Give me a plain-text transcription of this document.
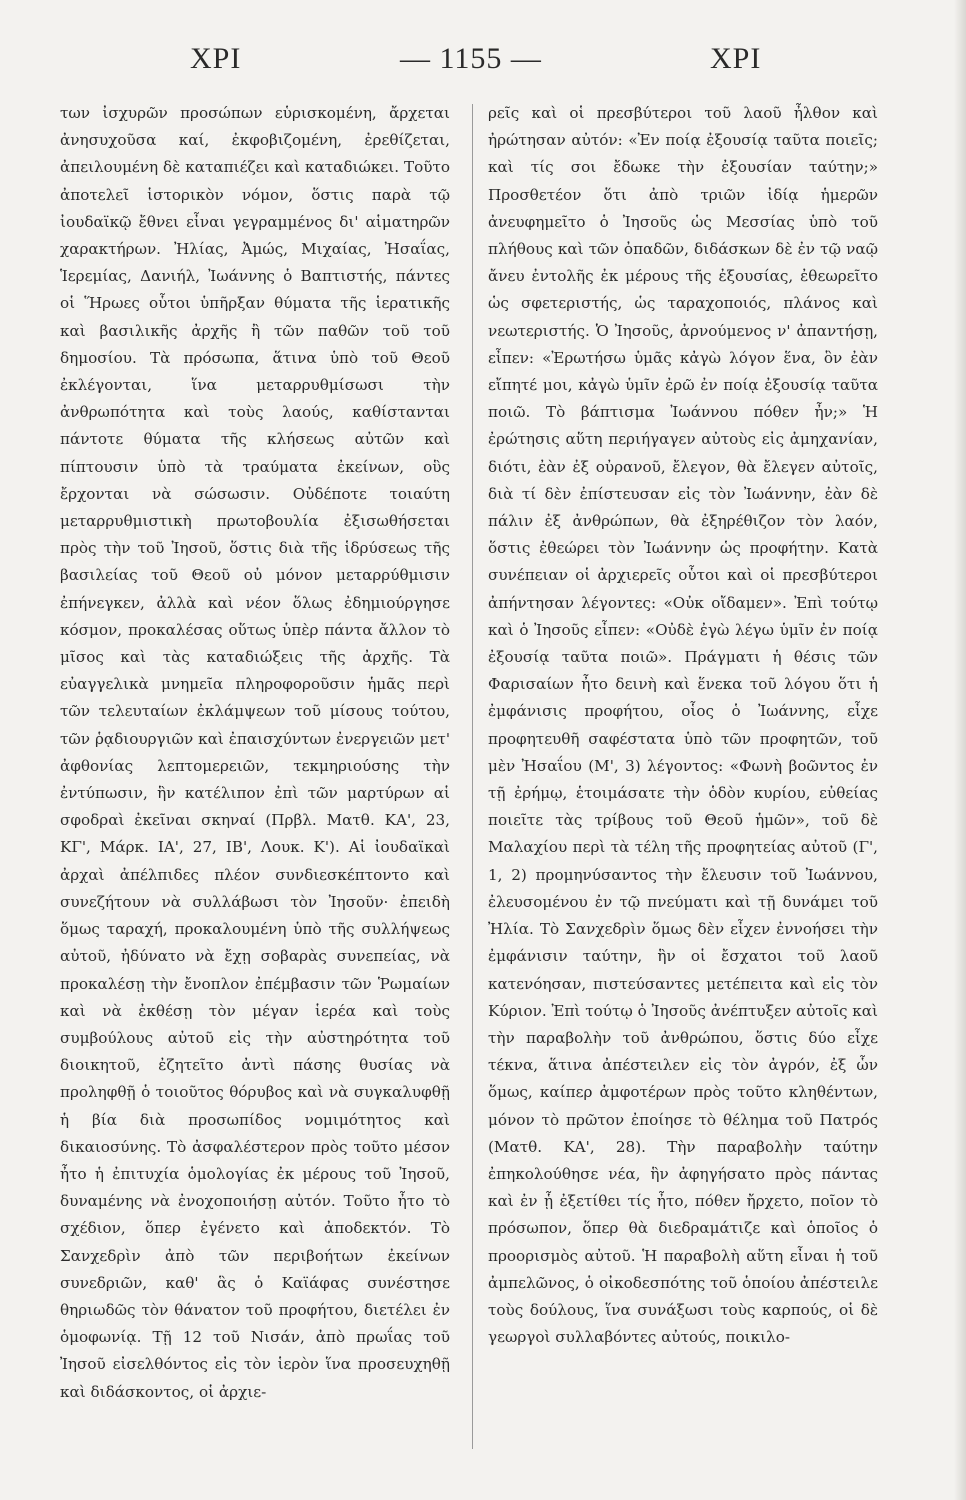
ΧΡΙ	— 1155 —	ΧΡΙ

των ἰσχυρῶν προσώπων εὑρισκομένη, ἄρχεται ἀνησυχοῦσα καί, ἐκφοβιζομένη, ἐρεθίζεται, ἀπειλουμένη δὲ καταπιέζει καὶ καταδιώκει. Τοῦτο ἀποτελεῖ ἱστορικὸν νόμον, ὅστις παρὰ τῷ ἰουδαϊκῷ ἔθνει εἶναι γεγραμμένος δι' αἱματηρῶν χαρακτήρων. Ἠλίας, Ἀμώς, Μιχαίας, Ἠσαΐας, Ἱερεμίας, Δανιήλ, Ἰωάννης ὁ Βαπτιστής, πάντες οἱ Ἥρωες οὗτοι ὑπῆρξαν θύματα τῆς ἱερατικῆς καὶ βασιλικῆς ἀρχῆς ἢ τῶν παθῶν τοῦ τοῦ δημοσίου. Τὰ πρόσωπα, ἅτινα ὑπὸ τοῦ Θεοῦ ἐκλέγονται, ἵνα μεταρρυθμίσωσι τὴν ἀνθρωπότητα καὶ τοὺς λαούς, καθίστανται πάντοτε θύματα τῆς κλήσεως αὐτῶν καὶ πίπτουσιν ὑπὸ τὰ τραύματα ἐκείνων, οὓς ἔρχονται νὰ σώσωσιν. Οὐδέποτε τοιαύτη μεταρρυθμιστικὴ πρωτοβουλία ἐξισωθήσεται πρὸς τὴν τοῦ Ἰησοῦ, ὅστις διὰ τῆς ἱδρύσεως τῆς βασιλείας τοῦ Θεοῦ οὐ μόνον μεταρρύθμισιν ἐπήνεγκεν, ἀλλὰ καὶ νέον ὅλως ἐδημιούργησε κόσμον, προκαλέσας οὕτως ὑπὲρ πάντα ἄλλον τὸ μῖσος καὶ τὰς καταδιώξεις τῆς ἀρχῆς. Τὰ εὐαγγελικὰ μνημεῖα πληροφοροῦσιν ἡμᾶς περὶ τῶν τελευταίων ἐκλάμψεων τοῦ μίσους τούτου, τῶν ῥᾳδιουργιῶν καὶ ἐπαισχύντων ἐνεργειῶν μετ' ἀφθονίας λεπτομερειῶν, τεκμηριούσης τὴν ἐντύπωσιν, ἣν κατέλιπον ἐπὶ τῶν μαρτύρων αἱ σφοδραὶ ἐκεῖναι σκηναί (Πρβλ. Ματθ. ΚΑ', 23, ΚΓ', Μάρκ. ΙΑ', 27, ΙΒ', Λουκ. Κ'). Αἱ ἰουδαϊκαὶ ἀρχαὶ ἀπέλπιδες πλέον συνδιεσκέπτοντο καὶ συνεζήτουν νὰ συλλάβωσι τὸν Ἰησοῦν· ἐπειδὴ ὅμως ταραχή, προκαλουμένη ὑπὸ τῆς συλλήψεως αὐτοῦ, ἠδύνατο νὰ ἔχῃ σοβαρὰς συνεπείας, νὰ προκαλέσῃ τὴν ἔνοπλον ἐπέμβασιν τῶν Ῥωμαίων καὶ νὰ ἐκθέσῃ τὸν μέγαν ἱερέα καὶ τοὺς συμβούλους αὐτοῦ εἰς τὴν αὐστηρότητα τοῦ διοικητοῦ, ἐζητεῖτο ἀντὶ πάσης θυσίας νὰ προληφθῇ ὁ τοιοῦτος θόρυβος καὶ νὰ συγκαλυφθῇ ἡ βία διὰ προσωπίδος νομιμότητος καὶ δικαιοσύνης. Τὸ ἀσφαλέστερον πρὸς τοῦτο μέσον ἦτο ἡ ἐπιτυχία ὁμολογίας ἐκ μέρους τοῦ Ἰησοῦ, δυναμένης νὰ ἐνοχοποιήσῃ αὐτόν. Τοῦτο ἦτο τὸ σχέδιον, ὅπερ ἐγένετο καὶ ἀποδεκτόν. Τὸ Σανχεδρὶν ἀπὸ τῶν περιβοήτων ἐκείνων συνεδριῶν, καθ' ἃς ὁ Καϊάφας συνέστησε θηριωδῶς τὸν θάνατον τοῦ προφήτου, διετέλει ἐν ὁμοφωνίᾳ. Τῇ 12 τοῦ Νισάν, ἀπὸ πρωΐας τοῦ Ἰησοῦ εἰσελθόντος εἰς τὸν ἱερὸν ἵνα προσευχηθῇ καὶ διδάσκοντος, οἱ ἀρχιε-

ρεῖς καὶ οἱ πρεσβύτεροι τοῦ λαοῦ ἦλθον καὶ ἠρώτησαν αὐτόν: «Ἐν ποίᾳ ἐξουσίᾳ ταῦτα ποιεῖς; καὶ τίς σοι ἔδωκε τὴν ἐξουσίαν ταύτην;» Προσθετέον ὅτι ἀπὸ τριῶν ἰδίᾳ ἡμερῶν ἀνευφημεῖτο ὁ Ἰησοῦς ὡς Μεσσίας ὑπὸ τοῦ πλήθους καὶ τῶν ὀπαδῶν, διδάσκων δὲ ἐν τῷ ναῷ ἄνευ ἐντολῆς ἐκ μέρους τῆς ἐξουσίας, ἐθεωρεῖτο ὡς σφετεριστής, ὡς ταραχοποιός, πλάνος καὶ νεωτεριστής. Ὁ Ἰησοῦς, ἀρνούμενος ν' ἀπαντήσῃ, εἶπεν: «Ἐρωτήσω ὑμᾶς κἀγὼ λόγον ἕνα, ὃν ἐὰν εἴπητέ μοι, κἀγὼ ὑμῖν ἐρῶ ἐν ποίᾳ ἐξουσίᾳ ταῦτα ποιῶ. Τὸ βάπτισμα Ἰωάννου πόθεν ἦν;» Ἡ ἐρώτησις αὕτη περιήγαγεν αὐτοὺς εἰς ἀμηχανίαν, διότι, ἐὰν ἐξ οὐρανοῦ, ἔλεγον, θὰ ἔλεγεν αὐτοῖς, διὰ τί δὲν ἐπίστευσαν εἰς τὸν Ἰωάννην, ἐὰν δὲ πάλιν ἐξ ἀνθρώπων, θὰ ἐξηρέθιζον τὸν λαόν, ὅστις ἐθεώρει τὸν Ἰωάννην ὡς προφήτην. Κατὰ συνέπειαν οἱ ἀρχιερεῖς οὗτοι καὶ οἱ πρεσβύτεροι ἀπήντησαν λέγοντες: «Οὐκ οἴδαμεν». Ἐπὶ τούτῳ καὶ ὁ Ἰησοῦς εἶπεν: «Οὐδὲ ἐγὼ λέγω ὑμῖν ἐν ποίᾳ ἐξουσίᾳ ταῦτα ποιῶ». Πράγματι ἡ θέσις τῶν Φαρισαίων ἦτο δεινὴ καὶ ἕνεκα τοῦ λόγου ὅτι ἡ ἐμφάνισις προφήτου, οἷος ὁ Ἰωάννης, εἶχε προφητευθῆ σαφέστατα ὑπὸ τῶν προφητῶν, τοῦ μὲν Ἠσαΐου (Μ', 3) λέγοντος: «Φωνὴ βοῶντος ἐν τῇ ἐρήμῳ, ἑτοιμάσατε τὴν ὁδὸν κυρίου, εὐθείας ποιεῖτε τὰς τρίβους τοῦ Θεοῦ ἡμῶν», τοῦ δὲ Μαλαχίου περὶ τὰ τέλη τῆς προφητείας αὐτοῦ (Γ', 1, 2) προμηνύσαντος τὴν ἔλευσιν τοῦ Ἰωάννου, ἐλευσομένου ἐν τῷ πνεύματι καὶ τῇ δυνάμει τοῦ Ἠλία. Τὸ Σανχεδρὶν ὅμως δὲν εἶχεν ἐννοήσει τὴν ἐμφάνισιν ταύτην, ἣν οἱ ἔσχατοι τοῦ λαοῦ κατενόησαν, πιστεύσαντες μετέπειτα καὶ εἰς τὸν Κύριον. Ἐπὶ τούτῳ ὁ Ἰησοῦς ἀνέπτυξεν αὐτοῖς καὶ τὴν παραβολὴν τοῦ ἀνθρώπου, ὅστις δύο εἶχε τέκνα, ἅτινα ἀπέστειλεν εἰς τὸν ἀγρόν, ἐξ ὧν ὅμως, καίπερ ἀμφοτέρων πρὸς τοῦτο κληθέντων, μόνον τὸ πρῶτον ἐποίησε τὸ θέλημα τοῦ Πατρός (Ματθ. ΚΑ', 28). Τὴν παραβολὴν ταύτην ἐπηκολούθησε νέα, ἣν ἀφηγήσατο πρὸς πάντας καὶ ἐν ᾗ ἐξετίθει τίς ἦτο, πόθεν ἤρχετο, ποῖον τὸ πρόσωπον, ὅπερ θὰ διεδραμάτιζε καὶ ὁποῖος ὁ προορισμὸς αὐτοῦ. Ἡ παραβολὴ αὕτη εἶναι ἡ τοῦ ἀμπελῶνος, ὁ οἰκοδεσπότης τοῦ ὁποίου ἀπέστειλε τοὺς δούλους, ἵνα συνάξωσι τοὺς καρπούς, οἱ δὲ γεωργοὶ συλλαβόντες αὐτούς, ποικιλο-
